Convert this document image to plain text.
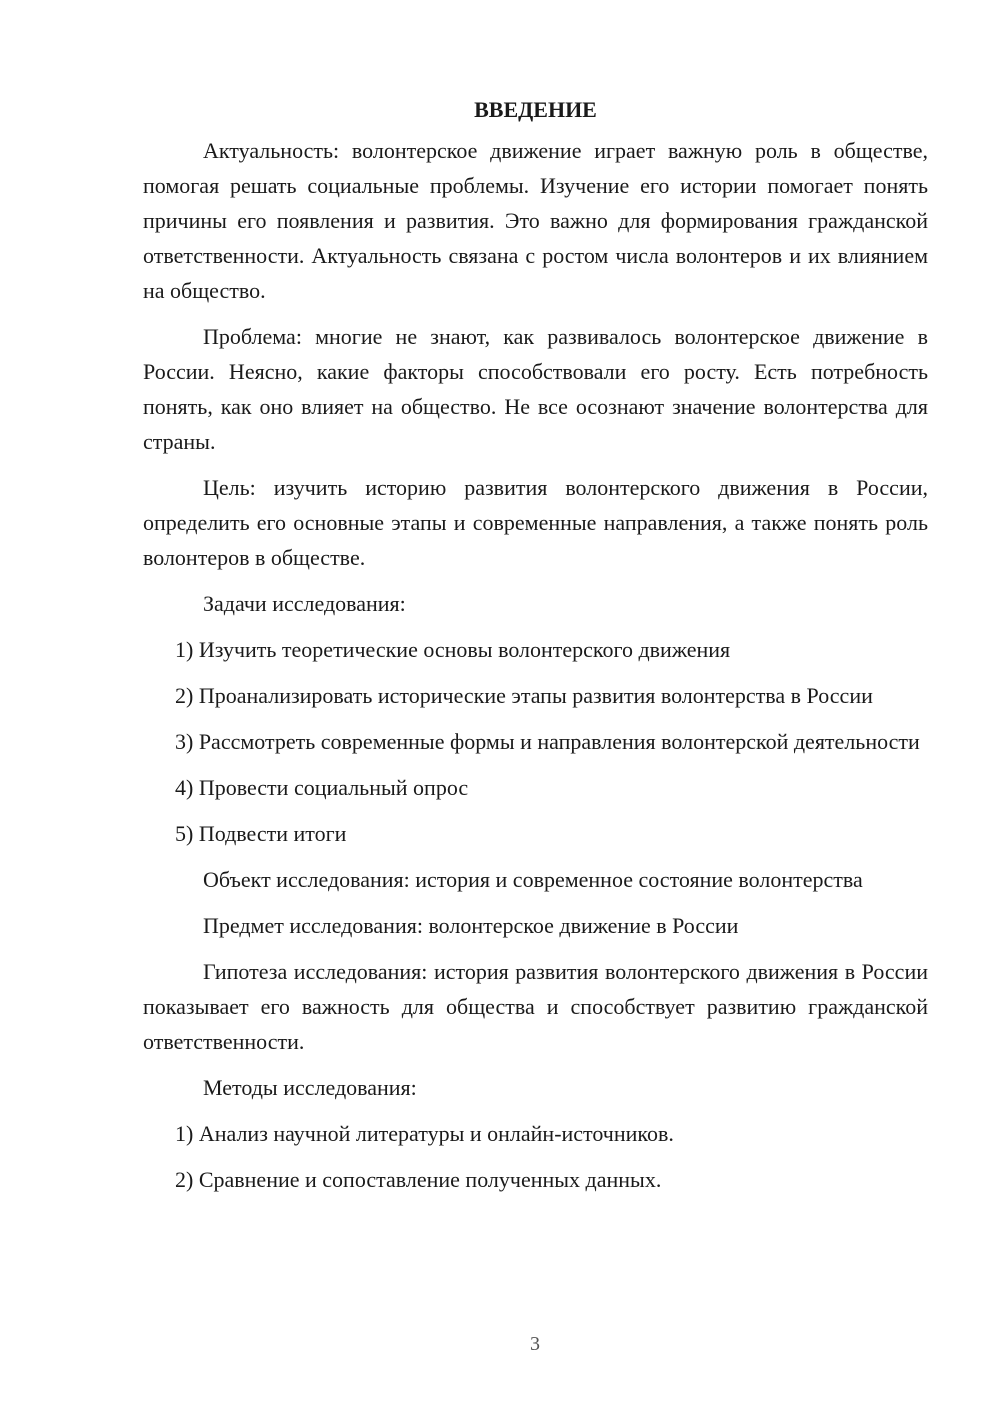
ВВЕДЕНИЕ

Актуальность: волонтерское движение играет важную роль в обществе, помогая решать социальные проблемы. Изучение его истории помогает понять причины его появления и развития. Это важно для формирования гражданской ответственности. Актуальность связана с ростом числа волонтеров и их влиянием на общество.

Проблема: многие не знают, как развивалось волонтерское движение в России. Неясно, какие факторы способствовали его росту. Есть потребность понять, как оно влияет на общество. Не все осознают значение волонтерства для страны.

Цель: изучить историю развития волонтерского движения в России, определить его основные этапы и современные направления, а также понять роль волонтеров в обществе.

Задачи исследования:

1) Изучить теоретические основы волонтерского движения

2) Проанализировать исторические этапы развития волонтерства в России

3) Рассмотреть современные формы и направления волонтерской деятельности

4) Провести социальный опрос

5) Подвести итоги

Объект исследования: история и современное состояние волонтерства

Предмет исследования: волонтерское движение в России

Гипотеза исследования: история развития волонтерского движения в России показывает его важность для общества и способствует развитию гражданской ответственности.

Методы исследования:

1) Анализ научной литературы и онлайн-источников.

2) Сравнение и сопоставление полученных данных.

3
